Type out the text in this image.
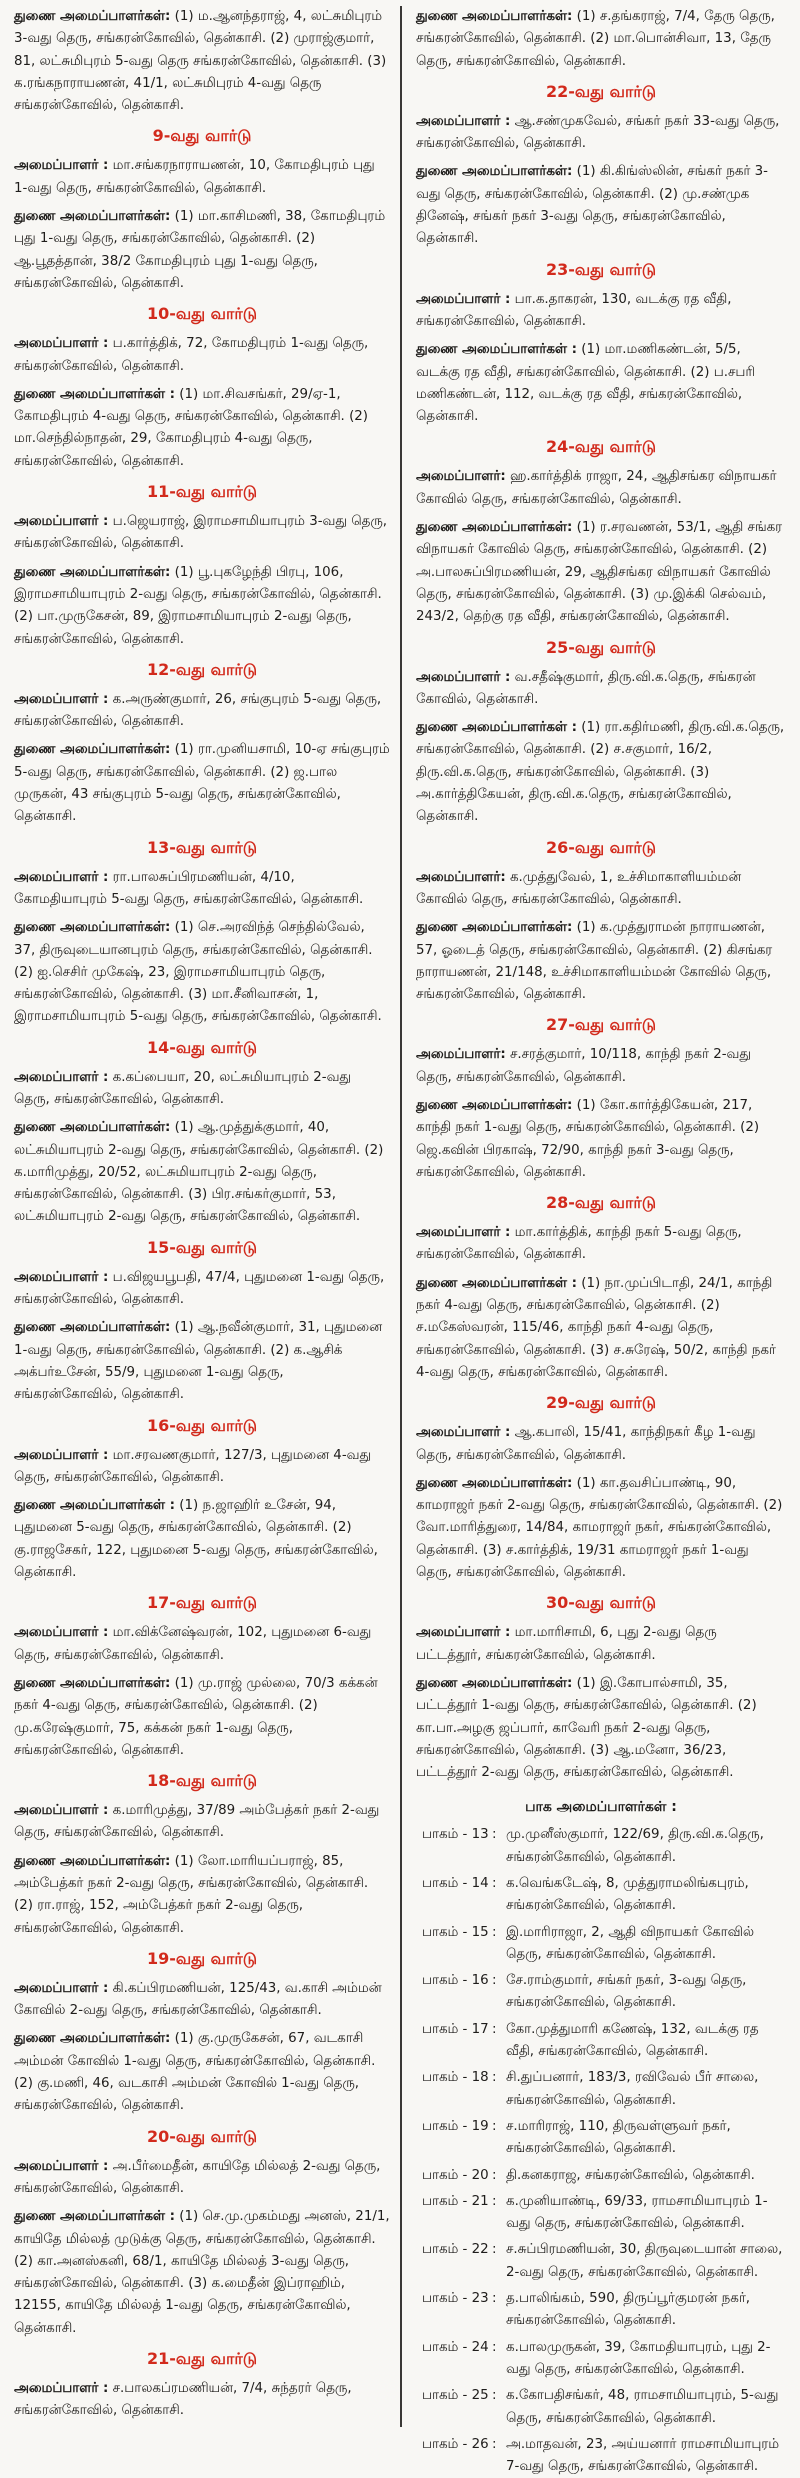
துணை அமைப்பாளர்கள்: (1) ம.ஆனந்தராஜ், 4, லட்சுமிபுரம் 3-வது தெரு, சங்கரன்கோவில், தென்காசி. (2) முராஜ்குமார், 81, லட்சுமிபுரம் 5-வது தெரு சங்கரன்கோவில், தென்காசி. (3) க.ரங்கநாராயணன், 41/1, லட்சுமிபுரம் 4-வது தெரு சங்கரன்கோவில், தென்காசி.

9-வது வார்டு

அமைப்பாளர் : மா.சங்கரநாராயணன், 10, கோமதிபுரம் புது 1-வது தெரு, சங்கரன்கோவில், தென்காசி.

துணை அமைப்பாளர்கள்: (1) மா.காசிமணி, 38, கோமதிபுரம் புது 1-வது தெரு, சங்கரன்கோவில், தென்காசி. (2) ஆ.பூதத்தான், 38/2 கோமதிபுரம் புது 1-வது தெரு, சங்கரன்கோவில், தென்காசி.

10-வது வார்டு

அமைப்பாளர் : ப.கார்த்திக், 72, கோமதிபுரம் 1-வது தெரு, சங்கரன்கோவில், தென்காசி.

துணை அமைப்பாளர்கள் : (1) மா.சிவசங்கர், 29/ஏ-1, கோமதிபுரம் 4-வது தெரு, சங்கரன்கோவில், தென்காசி. (2) மா.செந்தில்நாதன், 29, கோமதிபுரம் 4-வது தெரு, சங்கரன்கோவில், தென்காசி.

11-வது வார்டு

அமைப்பாளர் : ப.ஜெயராஜ், இராமசாமியாபுரம் 3-வது தெரு, சங்கரன்கோவில், தென்காசி.

துணை அமைப்பாளர்கள்: (1) பூ.புகழேந்தி பிரபு, 106, இராமசாமியாபுரம் 2-வது தெரு, சங்கரன்கோவில், தென்காசி. (2) பா.முருகேசன், 89, இராமசாமியாபுரம் 2-வது தெரு, சங்கரன்கோவில், தென்காசி.

12-வது வார்டு

அமைப்பாளர் : க.அருண்குமார், 26, சங்குபுரம் 5-வது தெரு, சங்கரன்கோவில், தென்காசி.

துணை அமைப்பாளர்கள்: (1) ரா.முனியசாமி, 10-ஏ சங்குபுரம் 5-வது தெரு, சங்கரன்கோவில், தென்காசி. (2) ஜ.பால முருகன், 43 சங்குபுரம் 5-வது தெரு, சங்கரன்கோவில், தென்காசி.

13-வது வார்டு

அமைப்பாளர் : ரா.பாலசுப்பிரமணியன், 4/10, கோமதியாபுரம் 5-வது தெரு, சங்கரன்கோவில், தென்காசி.

துணை அமைப்பாளர்கள்: (1) செ.அரவிந்த் செந்தில்வேல், 37, திருவுடையானபுரம் தெரு, சங்கரன்கோவில், தென்காசி. (2) ஐ.செசிர் முகேஷ், 23, இராமசாமியாபுரம் தெரு, சங்கரன்கோவில், தென்காசி. (3) மா.சீனிவாசன், 1, இராமசாமியாபுரம் 5-வது தெரு, சங்கரன்கோவில், தென்காசி.

14-வது வார்டு

அமைப்பாளர் : க.கப்பையா, 20, லட்சுமியாபுரம் 2-வது தெரு, சங்கரன்கோவில், தென்காசி.

துணை அமைப்பாளர்கள்: (1) ஆ.முத்துக்குமார், 40, லட்சுமியாபுரம் 2-வது தெரு, சங்கரன்கோவில், தென்காசி. (2) க.மாரிமுத்து, 20/52, லட்சுமியாபுரம் 2-வது தெரு, சங்கரன்கோவில், தென்காசி. (3) பிர.சங்கர்குமார், 53, லட்சுமியாபுரம் 2-வது தெரு, சங்கரன்கோவில், தென்காசி.

15-வது வார்டு

அமைப்பாளர் : ப.விஜயபூபதி, 47/4, புதுமனை 1-வது தெரு, சங்கரன்கோவில், தென்காசி.

துணை அமைப்பாளர்கள்: (1) ஆ.நவீன்குமார், 31, புதுமனை 1-வது தெரு, சங்கரன்கோவில், தென்காசி. (2) க.ஆசிக் அக்பர்உசேன், 55/9, புதுமனை 1-வது தெரு, சங்கரன்கோவில், தென்காசி.

16-வது வார்டு

அமைப்பாளர் : மா.சரவணகுமார், 127/3, புதுமனை 4-வது தெரு, சங்கரன்கோவில், தென்காசி.

துணை அமைப்பாளர்கள் : (1) ந.ஜாஹிர் உசேன், 94, புதுமனை 5-வது தெரு, சங்கரன்கோவில், தென்காசி. (2) கு.ராஜசேகர், 122, புதுமனை 5-வது தெரு, சங்கரன்கோவில், தென்காசி.

17-வது வார்டு

அமைப்பாளர் : மா.விக்னேஷ்வரன், 102, புதுமனை 6-வது தெரு, சங்கரன்கோவில், தென்காசி.

துணை அமைப்பாளர்கள்: (1) மு.ராஜ் முல்லை, 70/3 கக்கன் நகர் 4-வது தெரு, சங்கரன்கோவில், தென்காசி. (2) மு.கரேஷ்குமார், 75, கக்கன் நகர் 1-வது தெரு, சங்கரன்கோவில், தென்காசி.

18-வது வார்டு

அமைப்பாளர் : க.மாரிமுத்து, 37/89 அம்பேத்கர் நகர் 2-வது தெரு, சங்கரன்கோவில், தென்காசி.

துணை அமைப்பாளர்கள்: (1) லோ.மாரியப்பராஜ், 85, அம்பேத்கர் நகர் 2-வது தெரு, சங்கரன்கோவில், தென்காசி. (2) ரா.ராஜ், 152, அம்பேத்கர் நகர் 2-வது தெரு, சங்கரன்கோவில், தென்காசி.

19-வது வார்டு

அமைப்பாளர் : கி.கப்பிரமணியன், 125/43, வ.காசி அம்மன் கோவில் 2-வது தெரு, சங்கரன்கோவில், தென்காசி.

துணை அமைப்பாளர்கள்: (1) கு.முருகேசன், 67, வடகாசி அம்மன் கோவில் 1-வது தெரு, சங்கரன்கோவில், தென்காசி. (2) கு.மணி, 46, வடகாசி அம்மன் கோவில் 1-வது தெரு, சங்கரன்கோவில், தென்காசி.

20-வது வார்டு

அமைப்பாளர் : அ.பீர்மைதீன், காயிதே மில்லத் 2-வது தெரு, சங்கரன்கோவில், தென்காசி.

துணை அமைப்பாளர்கள் : (1) செ.மு.முகம்மது அனஸ், 21/1, காயிதே மில்லத் முடுக்கு தெரு, சங்கரன்கோவில், தென்காசி. (2) கா.அனஸ்கனி, 68/1, காயிதே மில்லத் 3-வது தெரு, சங்கரன்கோவில், தென்காசி. (3) க.மைதீன் இப்ராஹிம், 12155, காயிதே மில்லத் 1-வது தெரு, சங்கரன்கோவில், தென்காசி.

21-வது வார்டு

அமைப்பாளர் : ச.பாலகப்ரமணியன், 7/4, சுந்தரர் தெரு, சங்கரன்கோவில், தென்காசி.

துணை அமைப்பாளர்கள்: (1) ச.தங்கராஜ், 7/4, தேரு தெரு, சங்கரன்கோவில், தென்காசி. (2) மா.பொன்சிவா, 13, தேரு தெரு, சங்கரன்கோவில், தென்காசி.

22-வது வார்டு

அமைப்பாளர் : ஆ.சண்முகவேல், சங்கர் நகர் 33-வது தெரு, சங்கரன்கோவில், தென்காசி.

துணை அமைப்பாளர்கள்: (1) கி.கிங்ஸ்லின், சங்கர் நகர் 3-வது தெரு, சங்கரன்கோவில், தென்காசி. (2) மு.சண்முக தினேஷ், சங்கர் நகர் 3-வது தெரு, சங்கரன்கோவில், தென்காசி.

23-வது வார்டு

அமைப்பாளர் : பா.க.தாகரன், 130, வடக்கு ரத வீதி, சங்கரன்கோவில், தென்காசி.

துணை அமைப்பாளர்கள் : (1) மா.மணிகண்டன், 5/5, வடக்கு ரத வீதி, சங்கரன்கோவில், தென்காசி. (2) ப.சபரி மணிகண்டன், 112, வடக்கு ரத வீதி, சங்கரன்கோவில், தென்காசி.

24-வது வார்டு

அமைப்பாளர்: ஹ.கார்த்திக் ராஜா, 24, ஆதிசங்கர விநாயகர் கோவில் தெரு, சங்கரன்கோவில், தென்காசி.

துணை அமைப்பாளர்கள்: (1) ர.சரவணன், 53/1, ஆதி சங்கர விநாயகர் கோவில் தெரு, சங்கரன்கோவில், தென்காசி. (2) அ.பாலசுப்பிரமணியன், 29, ஆதிசங்கர விநாயகர் கோவில் தெரு, சங்கரன்கோவில், தென்காசி. (3) மு.இக்கி செல்வம், 243/2, தெற்கு ரத வீதி, சங்கரன்கோவில், தென்காசி.

25-வது வார்டு

அமைப்பாளர் : வ.சதீஷ்குமார், திரு.வி.க.தெரு, சங்கரன் கோவில், தென்காசி.

துணை அமைப்பாளர்கள் : (1) ரா.கதிர்மணி, திரு.வி.க.தெரு, சங்கரன்கோவில், தென்காசி. (2) ச.சகுமார், 16/2, திரு.வி.க.தெரு, சங்கரன்கோவில், தென்காசி. (3) அ.கார்த்திகேயன், திரு.வி.க.தெரு, சங்கரன்கோவில், தென்காசி.

26-வது வார்டு

அமைப்பாளர்: க.முத்துவேல், 1, உச்சிமாகாளியம்மன் கோவில் தெரு, சங்கரன்கோவில், தென்காசி.

துணை அமைப்பாளர்கள்: (1) க.முத்துராமன் நாராயணன், 57, ஓடைத் தெரு, சங்கரன்கோவில், தென்காசி. (2) கிசங்கர நாராயணன், 21/148, உச்சிமாகாளியம்மன் கோவில் தெரு, சங்கரன்கோவில், தென்காசி.

27-வது வார்டு

அமைப்பாளர்: ச.சரத்குமார், 10/118, காந்தி நகர் 2-வது தெரு, சங்கரன்கோவில், தென்காசி.

துணை அமைப்பாளர்கள்: (1) கோ.கார்த்திகேயன், 217, காந்தி நகர் 1-வது தெரு, சங்கரன்கோவில், தென்காசி. (2) ஜெ.கவின் பிரகாஷ், 72/90, காந்தி நகர் 3-வது தெரு, சங்கரன்கோவில், தென்காசி.

28-வது வார்டு

அமைப்பாளர் : மா.கார்த்திக், காந்தி நகர் 5-வது தெரு, சங்கரன்கோவில், தென்காசி.

துணை அமைப்பாளர்கள் : (1) நா.முப்பிடாதி, 24/1, காந்தி நகர் 4-வது தெரு, சங்கரன்கோவில், தென்காசி. (2) ச.மகேஸ்வரன், 115/46, காந்தி நகர் 4-வது தெரு, சங்கரன்கோவில், தென்காசி. (3) ச.சுரேஷ், 50/2, காந்தி நகர் 4-வது தெரு, சங்கரன்கோவில், தென்காசி.

29-வது வார்டு

அமைப்பாளர் : ஆ.கபாலி, 15/41, காந்திநகர் கீழ 1-வது தெரு, சங்கரன்கோவில், தென்காசி.

துணை அமைப்பாளர்கள்: (1) கா.தவசிப்பாண்டி, 90, காமராஜர் நகர் 2-வது தெரு, சங்கரன்கோவில், தென்காசி. (2) வோ.மாரித்துரை, 14/84, காமராஜர் நகர், சங்கரன்கோவில், தென்காசி. (3) ச.கார்த்திக், 19/31 காமராஜர் நகர் 1-வது தெரு, சங்கரன்கோவில், தென்காசி.

30-வது வார்டு

அமைப்பாளர் : மா.மாரிசாமி, 6, புது 2-வது தெரு பட்டத்தூர், சங்கரன்கோவில், தென்காசி.

துணை அமைப்பாளர்கள்: (1) இ.கோபால்சாமி, 35, பட்டத்தூர் 1-வது தெரு, சங்கரன்கோவில், தென்காசி. (2) கா.பா.அழகு ஜப்பார், காவேரி நகர் 2-வது தெரு, சங்கரன்கோவில், தென்காசி. (3) ஆ.மனோ, 36/23, பட்டத்தூர் 2-வது தெரு, சங்கரன்கோவில், தென்காசி.

பாக அமைப்பாளர்கள் :
பாகம் - 13 : மு.முனீஸ்குமார், 122/69, திரு.வி.க.தெரு, சங்கரன்கோவில், தென்காசி.
பாகம் - 14 : க.வெங்கடேஷ், 8, முத்துராமலிங்கபுரம், சங்கரன்கோவில், தென்காசி.
பாகம் - 15 : இ.மாரிராஜா, 2, ஆதி விநாயகர் கோவில் தெரு, சங்கரன்கோவில், தென்காசி.
பாகம் - 16 : சே.ராம்குமார், சங்கர் நகர், 3-வது தெரு, சங்கரன்கோவில், தென்காசி.
பாகம் - 17 : கோ.முத்துமாரி கணேஷ், 132, வடக்கு ரத வீதி, சங்கரன்கோவில், தென்காசி.
பாகம் - 18 : சி.துப்பனார், 183/3, ரவிவேல் பீர் சாலை, சங்கரன்கோவில், தென்காசி.
பாகம் - 19 : ச.மாரிராஜ், 110, திருவள்ளுவர் நகர், சங்கரன்கோவில், தென்காசி.
பாகம் - 20 : தி.கனகராஜ, சங்கரன்கோவில், தென்காசி.
பாகம் - 21 : க.முனியாண்டி, 69/33, ராமசாமியாபுரம் 1-வது தெரு, சங்கரன்கோவில், தென்காசி.
பாகம் - 22 : ச.சுப்பிரமணியன், 30, திருவுடையான் சாலை, 2-வது தெரு, சங்கரன்கோவில், தென்காசி.
பாகம் - 23 : த.பாலிங்கம், 590, திருப்பூர்குமரன் நகர், சங்கரன்கோவில், தென்காசி.
பாகம் - 24 : க.பாலமுருகன், 39, கோமதியாபுரம், புது 2-வது தெரு, சங்கரன்கோவில், தென்காசி.
பாகம் - 25 : க.கோபதிசங்கர், 48, ராமசாமியாபுரம், 5-வது தெரு, சங்கரன்கோவில், தென்காசி.
பாகம் - 26 : அ.மாதவன், 23, அய்யனார் ராமசாமியாபுரம் 7-வது தெரு, சங்கரன்கோவில், தென்காசி.
